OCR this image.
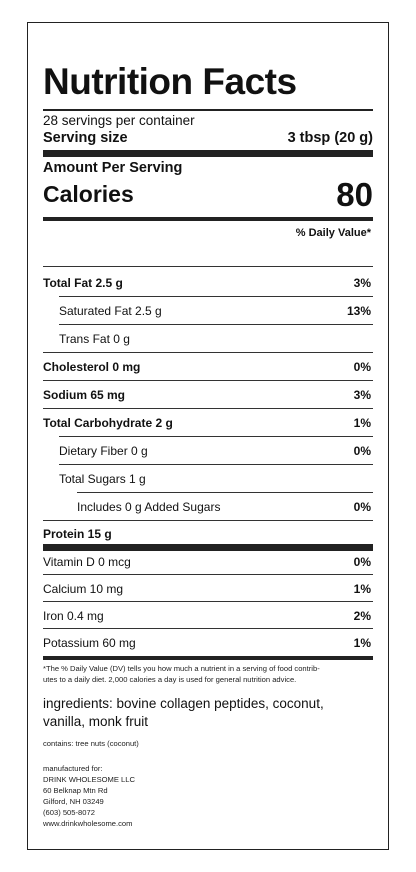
Nutrition Facts
28 servings per container
Serving size	3 tbsp (20 g)
Amount Per Serving
Calories	80
% Daily Value*
Total Fat 2.5 g	3%
Saturated Fat 2.5 g	13%
Trans Fat 0 g
Cholesterol 0 mg	0%
Sodium 65 mg	3%
Total Carbohydrate 2 g	1%
Dietary Fiber 0 g	0%
Total Sugars 1 g
Includes 0 g Added Sugars	0%
Protein 15 g
Vitamin D 0 mcg	0%
Calcium 10 mg	1%
Iron 0.4 mg	2%
Potassium 60 mg	1%
*The % Daily Value (DV) tells you how much a nutrient in a serving of food contrib-
utes to a daily diet. 2,000 calories a day is used for general nutrition advice.
ingredients: bovine collagen peptides, coconut,
vanilla, monk fruit
contains: tree nuts (coconut)
manufactured for:
DRINK WHOLESOME LLC
60 Belknap Mtn Rd
Gilford, NH 03249
(603) 505-8072
www.drinkwholesome.com
